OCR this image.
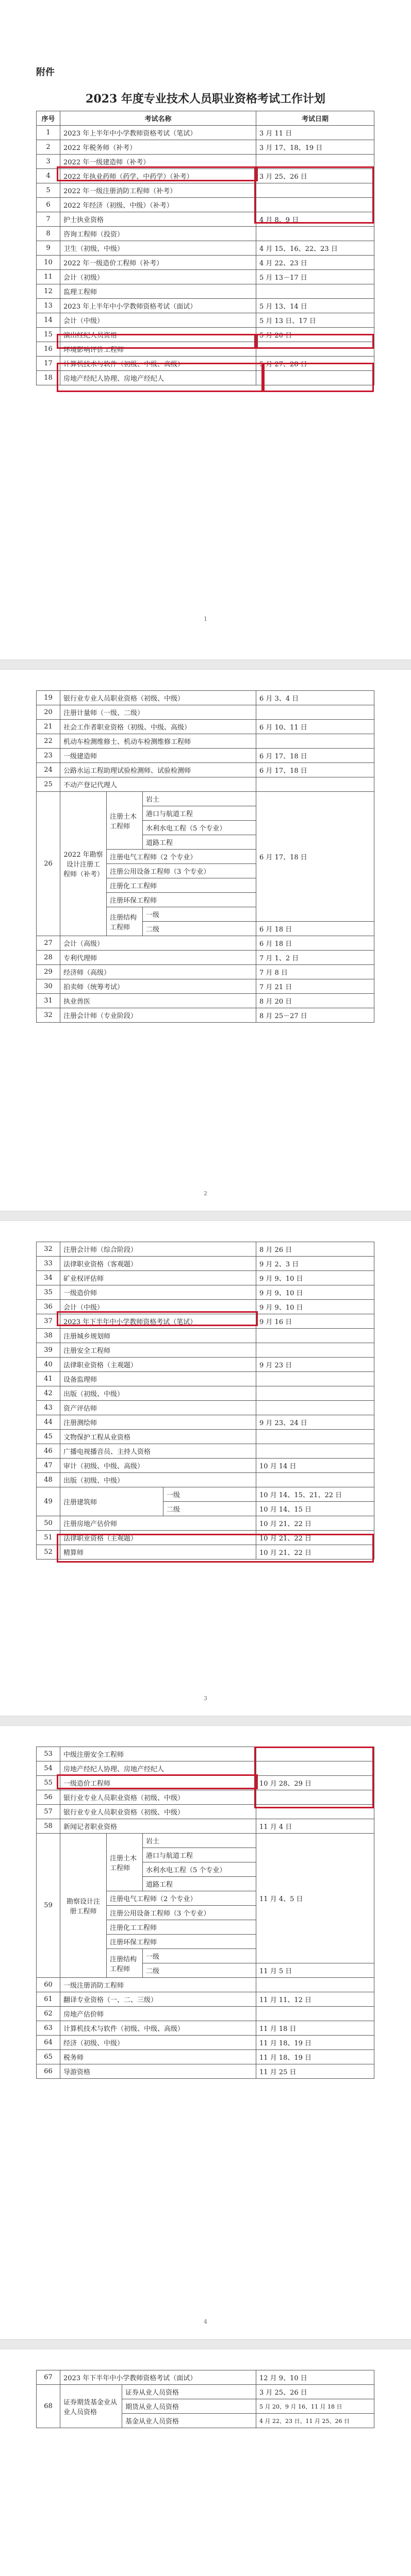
附件
2023 年度专业技术人员职业资格考试工作计划
序号	考试名称	考试日期
1	2023 年上半年中小学教师资格考试（笔试）	3 月 11 日
2	2022 年税务师（补考）	3 月 17、18、19 日
3	2022 年一级建造师（补考）	
4	2022 年执业药师（药学、中药学）（补考）	3 月 25、26 日
5	2022 年一级注册消防工程师（补考）	
6	2022 年经济（初级、中级）（补考）	
7	护士执业资格	4 月 8、9 日
8	咨询工程师（投资）	
9	卫生（初级、中级）	4 月 15、16、22、23 日
10	2022 年一级造价工程师（补考）	4 月 22、23 日
11	会计（初级）	5 月 13－17 日
12	监理工程师	
13	2023 年上半年中小学教师资格考试（面试）	5 月 13、14 日
14	会计（中级）	5 月 13 日、17 日
15	演出经纪人员资格	5 月 20 日
16	环境影响评价工程师	
17	计算机技术与软件（初级、中级、高级）	5 月 27、28 日
18	房地产经纪人协理、房地产经纪人	
1
19	银行业专业人员职业资格（初级、中级）			6 月 3、4 日
20	注册计量师（一级、二级）			
21	社会工作者职业资格（初级、中级、高级）			6 月 10、11 日
22	机动车检测维修士、机动车检测维修工程师			
23	一级建造师			6 月 17、18 日
24	公路水运工程助理试验检测师、试验检测师			6 月 17、18 日
25	不动产登记代理人			
26	2022 年勘察设计注册工程师（补考）	注册土木工程师	岩土	6 月 17、18 日
			港口与航道工程	
			水利水电工程（5 个专业）	
			道路工程	
		注册电气工程师（2 个专业）		
		注册公用设备工程师（3 个专业）		
		注册化工工程师		
		注册环保工程师		
		注册结构工程师	一级	
			二级	6 月 18 日
27	会计（高级）			6 月 18 日
28	专利代理师			7 月 1、2 日
29	经济师（高级）			7 月 8 日
30	拍卖师（统筹考试）			7 月 21 日
31	执业兽医			8 月 20 日
32	注册会计师（专业阶段）			8 月 25－27 日
2
32	注册会计师（综合阶段）		8 月 26 日
33	法律职业资格（客观题）		9 月 2、3 日
34	矿业权评估师		9 月 9、10 日
35	一级造价师		9 月 9、10 日
36	会计（中级）		9 月 9、10 日
37	2023 年下半年中小学教师资格考试（笔试）		9 月 16 日
38	注册城乡规划师		
39	注册安全工程师		
40	法律职业资格（主观题）		9 月 23 日
41	设备监理师		
42	出版（初级、中级）		
43	资产评估师		
44	注册测绘师		9 月 23、24 日
45	文物保护工程从业资格		
46	广播电视播音员、主持人资格		
47	审计（初级、中级、高级）		10 月 14 日
48	出版（初级、中级）		
49	注册建筑师	一级	10 月 14、15、21、22 日
		二级	10 月 14、15 日
50	注册房地产估价师		10 月 21、22 日
51	法律职业资格（主观题）		10 月 21、22 日
52	精算师		10 月 21、22 日
3
53	中级注册安全工程师			
54	房地产经纪人协理、房地产经纪人			
55	一级造价工程师			10 月 28、29 日
56	银行业专业人员职业资格（初级、中级）			
57	银行业专业人员职业资格（初级、中级）			
58	新闻记者职业资格			11 月 4 日
59	勘察设计注册工程师	注册土木工程师	岩土	11 月 4、5 日
			港口与航道工程	
			水利水电工程（5 个专业）	
			道路工程	
		注册电气工程师（2 个专业）		
		注册公用设备工程师（3 个专业）		
		注册化工工程师		
		注册环保工程师		
		注册结构工程师	一级	
			二级	11 月 5 日
60	一级注册消防工程师			
61	翻译专业资格（一、二、三级）			11 月 11、12 日
62	房地产估价师			
63	计算机技术与软件（初级、中级、高级）			11 月 18 日
64	经济（初级、中级）			11 月 18、19 日
65	税务师			11 月 18、19 日
66	导游资格			11 月 25 日
4
67	2023 年下半年中小学教师资格考试（面试）		12 月 9、10 日
68	证券期货基金业从业人员资格	证券从业人员资格	3 月 25、26 日
		期货从业人员资格	5 月 20、9 月 16、11 月 18 日
		基金从业人员资格	4 月 22、23 日、11 月 25、26 日
